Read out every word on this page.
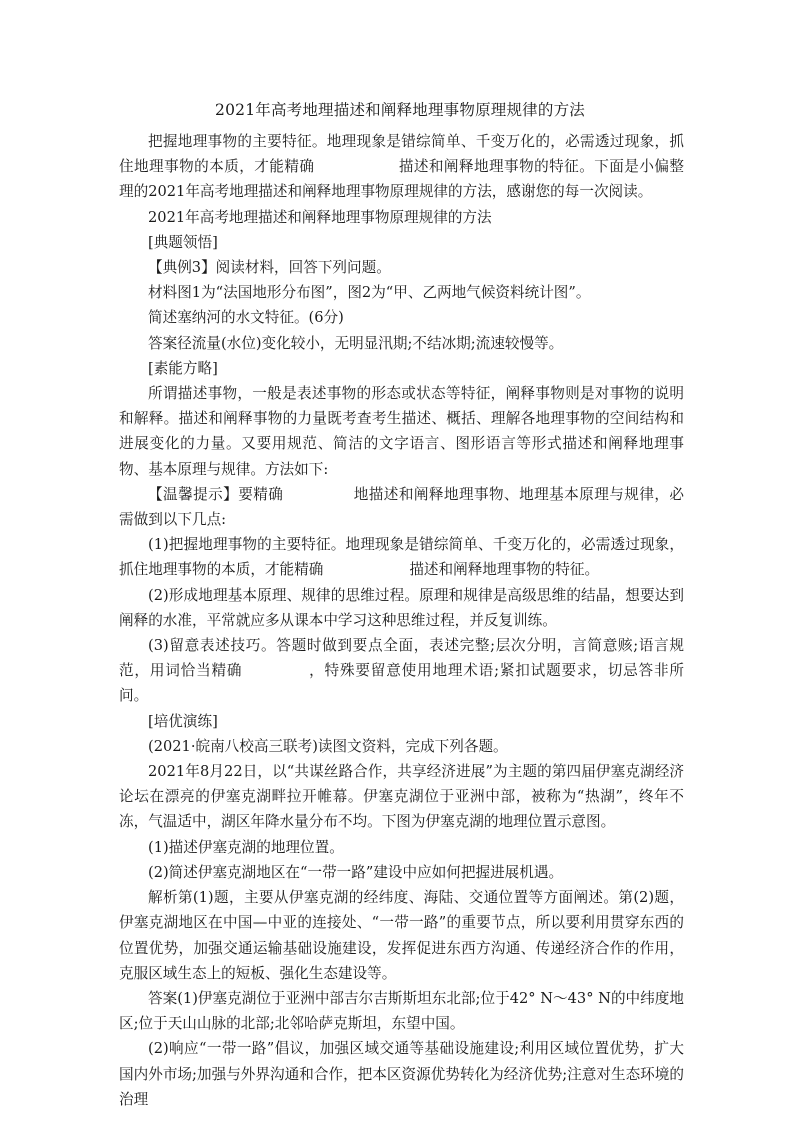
2021年高考地理描述和阐释地理事物原理规律的方法

把握地理事物的主要特征。地理现象是错综简单、千变万化的，必需透过现象，抓住地理事物的本质，才能精确	描述和阐释地理事物的特征。下面是小偏整理的2021年高考地理描述和阐释地理事物原理规律的方法，感谢您的每一次阅读。

2021年高考地理描述和阐释地理事物原理规律的方法

[典题领悟]

【典例3】阅读材料，回答下列问题。

材料图1为“法国地形分布图”，图2为“甲、乙两地气候资料统计图”。

简述塞纳河的水文特征。(6分)

答案径流量(水位)变化较小，无明显汛期;不结冰期;流速较慢等。

[素能方略]

所谓描述事物，一般是表述事物的形态或状态等特征，阐释事物则是对事物的说明和解释。描述和阐释事物的力量既考查考生描述、概括、理解各地理事物的空间结构和进展变化的力量。又要用规范、简洁的文字语言、图形语言等形式描述和阐释地理事物、基本原理与规律。方法如下:

【温馨提示】要精确	地描述和阐释地理事物、地理基本原理与规律，必需做到以下几点:

(1)把握地理事物的主要特征。地理现象是错综简单、千变万化的，必需透过现象，抓住地理事物的本质，才能精确	描述和阐释地理事物的特征。

(2)形成地理基本原理、规律的思维过程。原理和规律是高级思维的结晶，想要达到阐释的水准，平常就应多从课本中学习这种思维过程，并反复训练。

(3)留意表述技巧。答题时做到要点全面，表述完整;层次分明，言简意赅;语言规范，用词恰当精确	，特殊要留意使用地理术语;紧扣试题要求，切忌答非所问。

[培优演练]

(2021·皖南八校高三联考)读图文资料，完成下列各题。

2021年8月22日，以“共谋丝路合作，共享经济进展”为主题的第四届伊塞克湖经济论坛在漂亮的伊塞克湖畔拉开帷幕。伊塞克湖位于亚洲中部，被称为“热湖”，终年不冻，气温适中，湖区年降水量分布不均。下图为伊塞克湖的地理位置示意图。

(1)描述伊塞克湖的地理位置。

(2)简述伊塞克湖地区在“一带一路”建设中应如何把握进展机遇。

解析第(1)题，主要从伊塞克湖的经纬度、海陆、交通位置等方面阐述。第(2)题，伊塞克湖地区在中国—中亚的连接处、“一带一路”的重要节点，所以要利用贯穿东西的位置优势，加强交通运输基础设施建设，发挥促进东西方沟通、传递经济合作的作用，克服区域生态上的短板、强化生态建设等。

答案(1)伊塞克湖位于亚洲中部吉尔吉斯斯坦东北部;位于42° N～43° N的中纬度地区;位于天山山脉的北部;北邻哈萨克斯坦，东望中国。

(2)响应“一带一路”倡议，加强区域交通等基础设施建设;利用区域位置优势，扩大国内外市场;加强与外界沟通和合作，把本区资源优势转化为经济优势;注意对生态环境的治理
